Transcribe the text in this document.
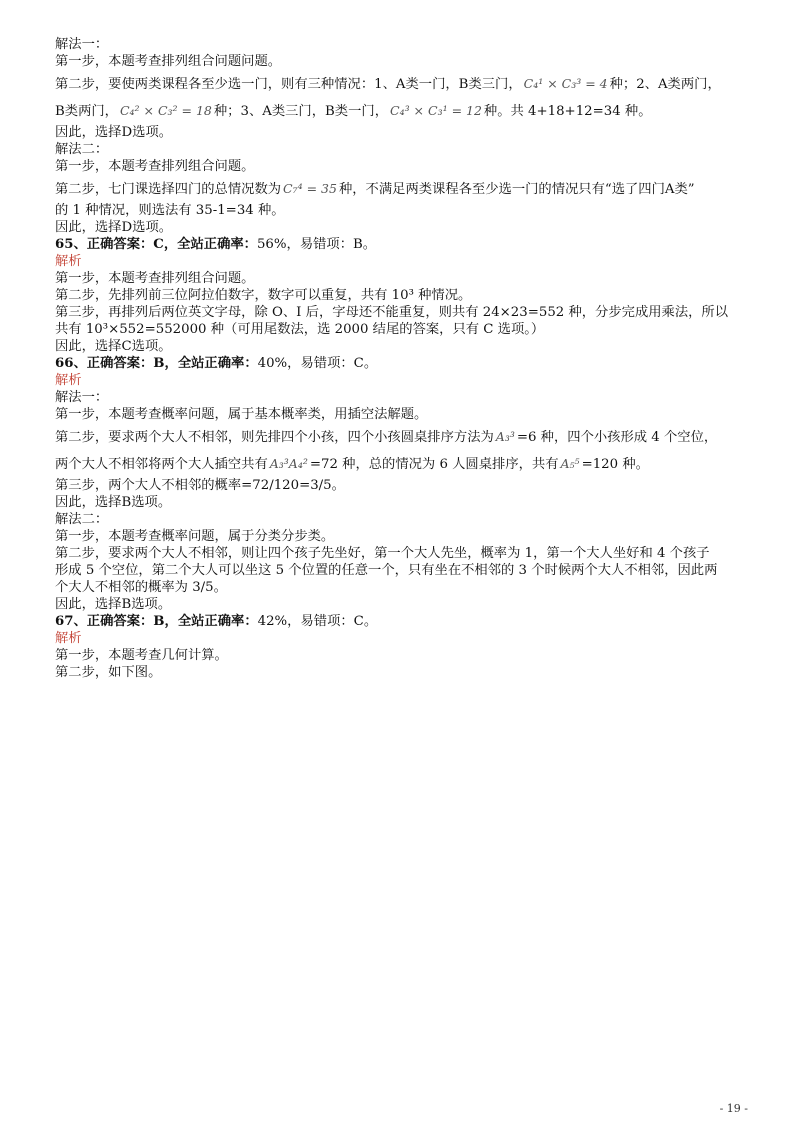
解法一：
第一步，本题考查排列组合问题问题。
第二步，要使两类课程各至少选一门，则有三种情况：1、A类一门，B类三门， C₄¹ × C₃³ = 4 种；2、A类两门，
B类两门， C₄² × C₃² = 18 种；3、A类三门，B类一门， C₄³ × C₃¹ = 12 种。共 4+18+12=34 种。
因此，选择D选项。
解法二：
第一步，本题考查排列组合问题。
第二步，七门课选择四门的总情况数为 C₇⁴ = 35 种，不满足两类课程各至少选一门的情况只有“选了四门A类”
的 1 种情况，则选法有 35-1=34 种。
因此，选择D选项。
65、正确答案：C，全站正确率：56%，易错项：B。
解析
第一步，本题考查排列组合问题。
第二步，先排列前三位阿拉伯数字，数字可以重复，共有 10³ 种情况。
第三步，再排列后两位英文字母，除 O、I 后，字母还不能重复，则共有 24×23=552 种，分步完成用乘法，所以
共有 10³×552=552000 种（可用尾数法，选 2000 结尾的答案，只有 C 选项。）
因此，选择C选项。
66、正确答案：B，全站正确率：40%，易错项：C。
解析
解法一：
第一步，本题考查概率问题，属于基本概率类，用插空法解题。
第二步，要求两个大人不相邻，则先排四个小孩，四个小孩圆桌排序方法为 A₃³ =6 种，四个小孩形成 4 个空位，
两个大人不相邻将两个大人插空共有 A₃³A₄² =72 种，总的情况为 6 人圆桌排序，共有 A₅⁵ =120 种。
第三步，两个大人不相邻的概率=72/120=3/5。
因此，选择B选项。
解法二：
第一步，本题考查概率问题，属于分类分步类。
第二步，要求两个大人不相邻，则让四个孩子先坐好，第一个大人先坐，概率为 1，第一个大人坐好和 4 个孩子
形成 5 个空位，第二个大人可以坐这 5 个位置的任意一个，只有坐在不相邻的 3 个时候两个大人不相邻，因此两
个大人不相邻的概率为 3/5。
因此，选择B选项。
67、正确答案：B，全站正确率：42%，易错项：C。
解析
第一步，本题考查几何计算。
第二步，如下图。
- 19 -
